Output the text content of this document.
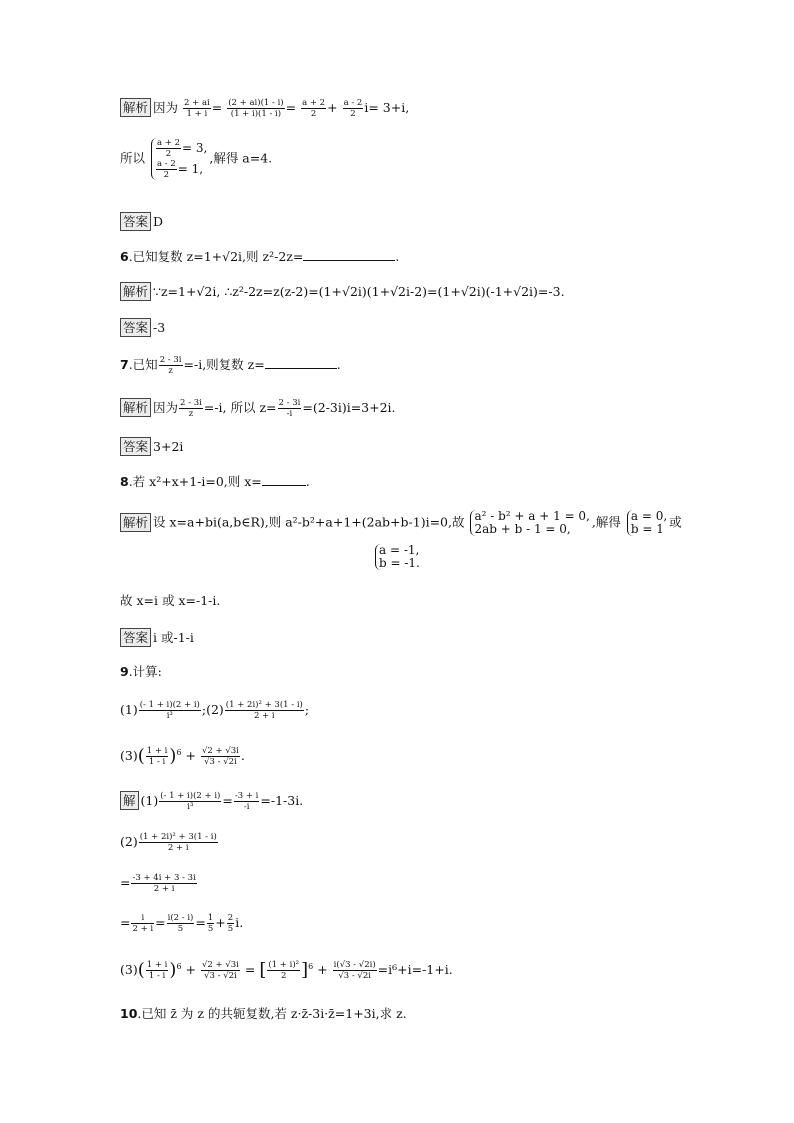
解析 因为 $\frac{2 + ai}{1 + i} = \frac{(2 + ai)(1 - i)}{(1 + i)(1 - i)} = \frac{a + 2}{2} + \frac{a - 2}{2} i= 3+i$,
所以 $\frac{a + 2}{2} = 3$,
$\frac{a - 2}{2} = 1$,
,解得 a=4.
答案 D
6.已知复数 z=1+√2i,则 z²-2z=	.
解析 ∵z=1+√2i, ∴z²-2z=z(z-2)=(1+√2i)(1+√2i-2)=(1+√2i)(-1+√2i)=-3.
答案 -3
7.已知 $\frac{2 - 3i}{z} =-i$,则复数 z=	.
解析 因为 $\frac{2 - 3i}{z} =-i$, 所以 $z= \frac{2 - 3i}{-i} =(2-3i)i=3+2i$.
答案 3+2i
8.若 x²+x+1-i=0,则 x=	.
解析 设 x=a+bi(a,b∈R),则 a²-b²+a+1+(2ab+b-1)i=0,故 a² - b² + a + 1 = 0,
2ab + b - 1 = 0,	,解得 a = 0,
b = 1 或
a = -1,
b = -1.
故 x=i 或 x=-1-i.
答案 i 或-1-i
9.计算:
$(1) \frac{(- 1 + i)(2 + i)}{\text{i³}}$ ;(2) $\frac{\text{(1 + 2i)² + 3(1 - i)}}{2 + i}$ ;
$(3)( \frac{1 + i}{1 - i} )^6 + \frac{√2 + √3i}{√3 - √2i}$ .
解 $(1) \frac{(- 1 + i)(2 + i)}{\text{i³}} = \frac{-3 + i}{-i} =-1-3i$.
$(2) \frac{\text{(1 + 2i)² + 3(1 - i)}}{2 + i}$
= $\frac{-3 + 4i + 3 - 3i}{2 + i}$
= $\frac{i}{2 + i} = \frac{i(2 - i)}{5} = \frac{1}{5} + \frac{2}{5} i$.
$(3)( \frac{1 + i}{1 - i} )^6 + \frac{√2 + √3i}{√3 - √2i}$ = [ $\frac{\text{(1 + i)²}}{2} ]^6 + \frac{i(√3 - √2i)}{√3 - √2i} =i^6+i=-1+i$.
10.已知 z̄ 为 z 的共轭复数,若 z·z̄-3i·z̄=1+3i,求 z.
